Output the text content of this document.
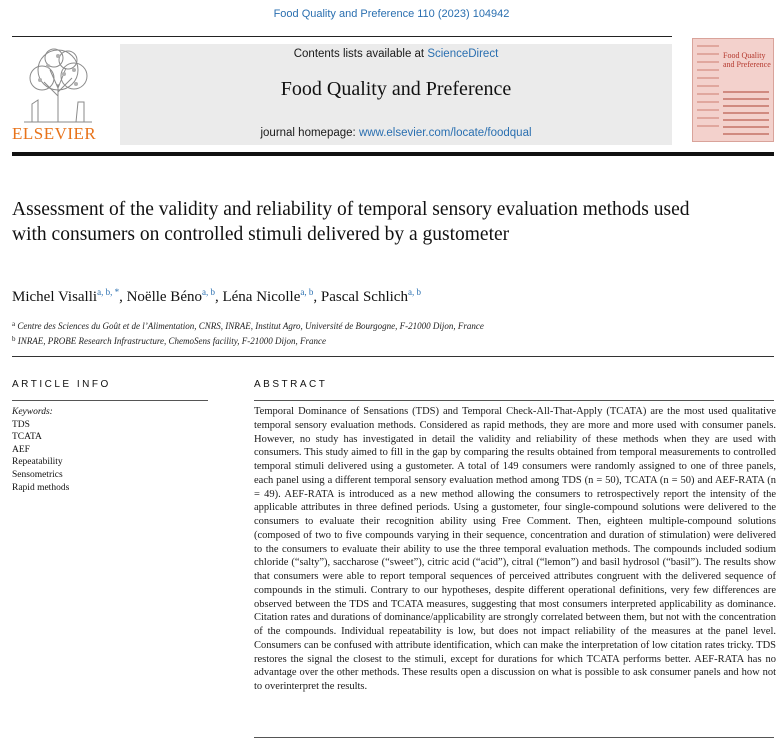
Food Quality and Preference 110 (2023) 104942
ELSEVIER
Contents lists available at ScienceDirect
Food Quality and Preference
journal homepage: www.elsevier.com/locate/foodqual
Food Quality and Preference
Assessment of the validity and reliability of temporal sensory evaluation methods used with consumers on controlled stimuli delivered by a gustometer
Michel Visalli$^{a, b, *}$, Noëlle Béno$^{a, b}$, Léna Nicolle$^{a, b}$, Pascal Schlich$^{a, b}$
$^a$ Centre des Sciences du Goût et de l’Alimentation, CNRS, INRAE, Institut Agro, Université de Bourgogne, F-21000 Dijon, France
$^b$ INRAE, PROBE Research Infrastructure, ChemoSens facility, F-21000 Dijon, France
ARTICLE INFO
Keywords:
TDS
TCATA
AEF
Repeatability
Sensometrics
Rapid methods
ABSTRACT
Temporal Dominance of Sensations (TDS) and Temporal Check-All-That-Apply (TCATA) are the most used qualitative temporal sensory evaluation methods. Considered as rapid methods, they are more and more used with consumer panels. However, no study has investigated in detail the validity and reliability of these methods when they are used with consumers. This study aimed to fill in the gap by comparing the results obtained from temporal measurements to controlled temporal stimuli delivered using a gustometer. A total of 149 consumers were randomly assigned to one of three panels, each panel using a different temporal sensory evaluation method among TDS (n = 50), TCATA (n = 50) and AEF-RATA (n = 49). AEF-RATA is introduced as a new method allowing the consumers to retrospectively report the intensity of the applicable attributes in three defined periods. Using a gustometer, four single-compound solutions were delivered to the consumers to evaluate their recognition ability using Free Comment. Then, eighteen multiple-compound solutions (composed of two to five compounds varying in their sequence, concentration and duration of stimulation) were delivered to the consumers to evaluate their ability to use the three temporal evaluation methods. The compounds included sodium chloride (“salty”), saccharose (“sweet”), citric acid (“acid”), citral (“lemon”) and basil hydrosol (“basil”). The results show that consumers were able to report temporal sequences of perceived attributes congruent with the delivered sequence of compounds in the stimuli. Contrary to our hypotheses, despite different operational definitions, very few differences are observed between the TDS and TCATA measures, suggesting that most consumers interpreted applicability as dominance. Citation rates and durations of dominance/applicability are strongly correlated between them, but not with the concentration of the compounds. Individual repeatability is low, but does not impact reliability of the measures at the panel level. Consumers can be confused with attribute identification, which can make the interpretation of low citation rates tricky. TDS restores the signal the closest to the stimuli, except for durations for which TCATA performs better. AEF-RATA has no advantage over the other methods. These results open a discussion on what is possible to ask consumer panels and how not to overinterpret the results.
